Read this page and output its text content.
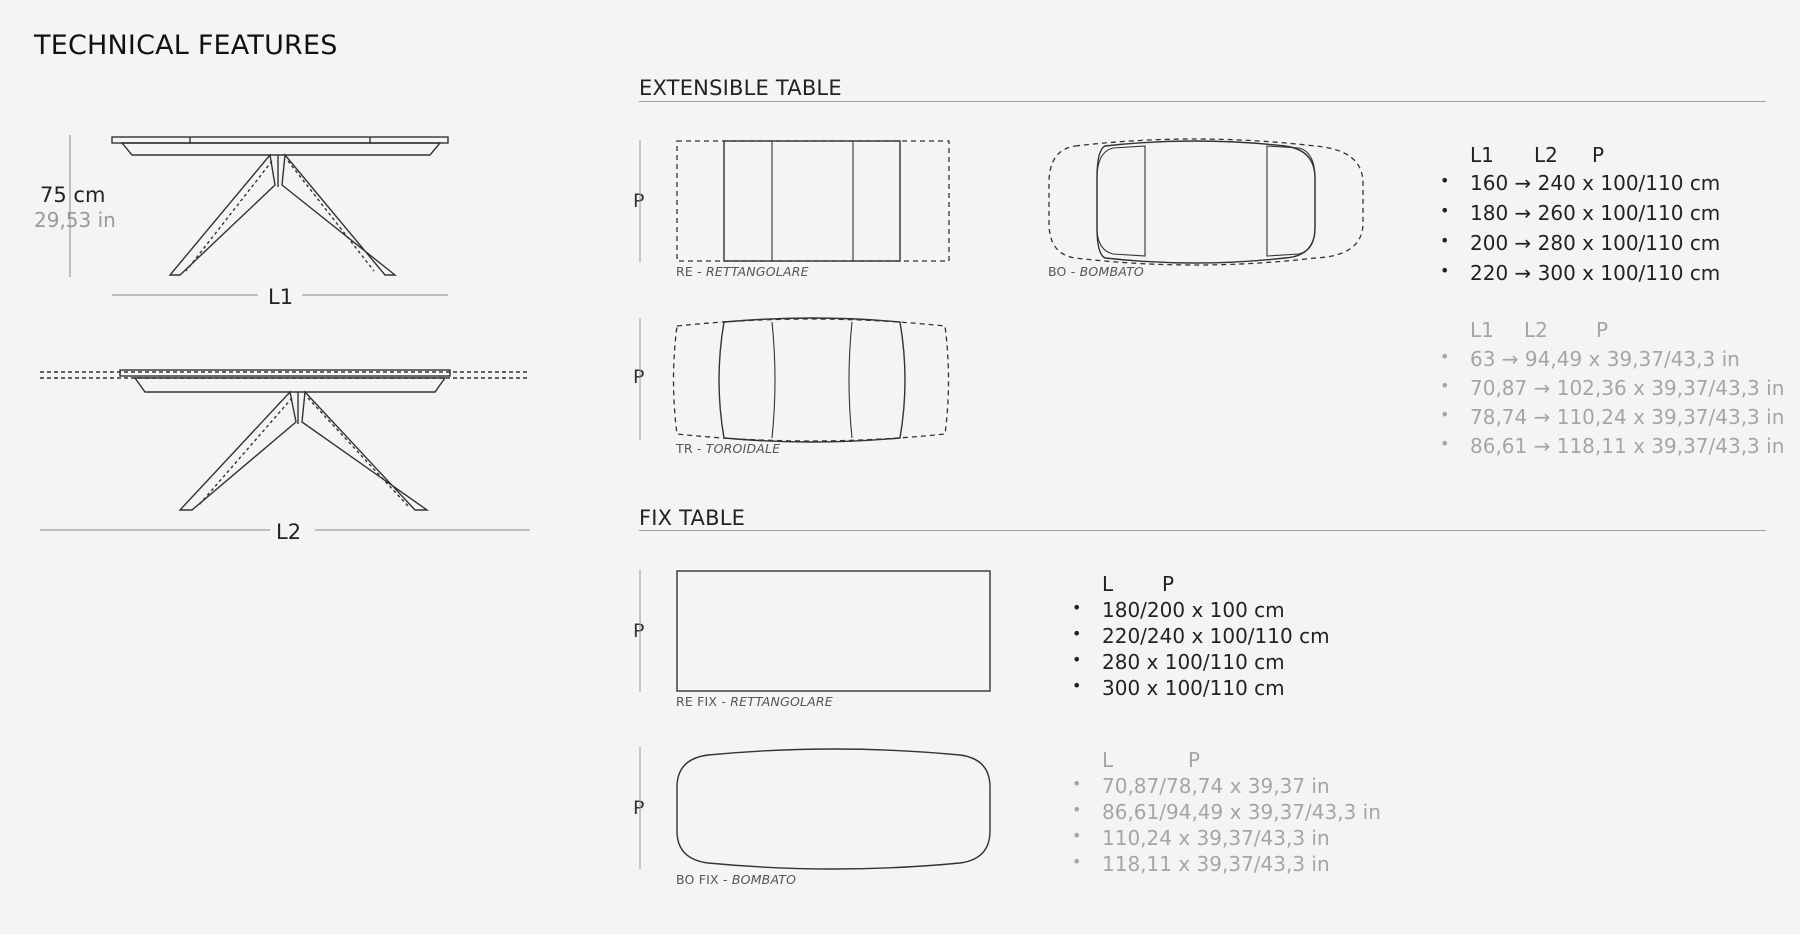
TECHNICAL FEATURES
75 cm
29,53 in
L1
L2
EXTENSIBLE TABLE
P
RE - RETTANGOLARE	BO - BOMBATO
P
TR - TOROIDALE
L1 L2 P
• 160 → 240 x 100/110 cm
• 180 → 260 x 100/110 cm
• 200 → 280 x 100/110 cm
• 220 → 300 x 100/110 cm
L1 L2 P
• 63 → 94,49 x 39,37/43,3 in
• 70,87 → 102,36 x 39,37/43,3 in
• 78,74 → 110,24 x 39,37/43,3 in
• 86,61 → 118,11 x 39,37/43,3 in
FIX TABLE
P
RE FIX - RETTANGOLARE
P
BO FIX - BOMBATO
L P
• 180/200 x 100 cm
• 220/240 x 100/110 cm
• 280 x 100/110 cm
• 300 x 100/110 cm
L	P
• 70,87/78,74 x 39,37 in
• 86,61/94,49 x 39,37/43,3 in
• 110,24 x 39,37/43,3 in
• 118,11 x 39,37/43,3 in
